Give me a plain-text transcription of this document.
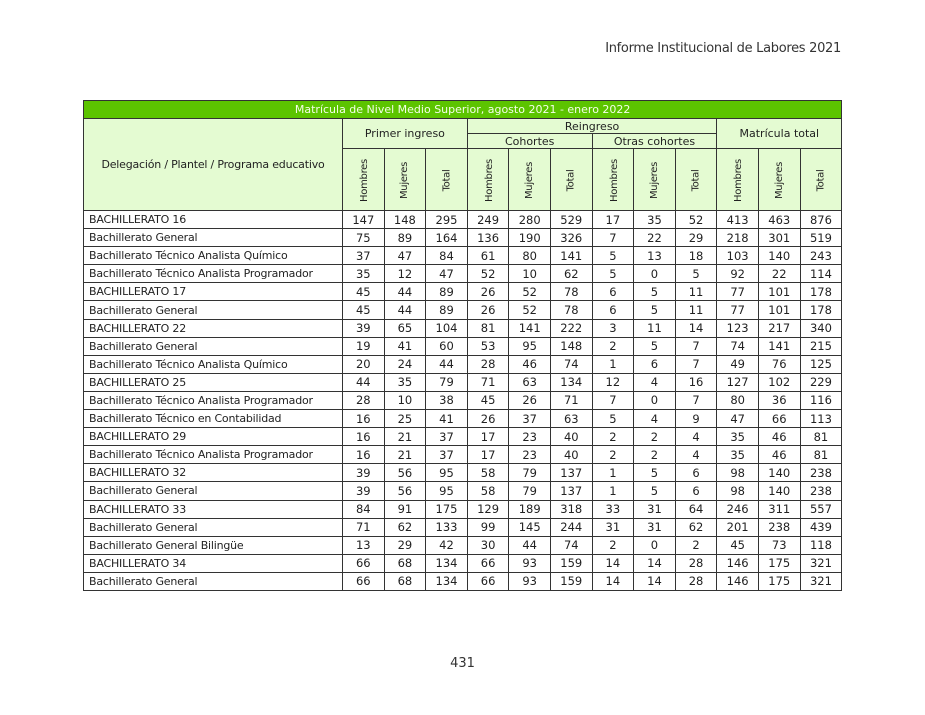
Informe Institucional de Labores 2021
Matrícula de Nivel Medio Superior, agosto 2021 - enero 2022												
Delegación / Plantel / Programa educativo	Primer ingreso			Reingreso						Matrícula total		
				Cohortes			Otras cohortes					
	Hombres	Mujeres	Total	Hombres	Mujeres	Total	Hombres	Mujeres	Total	Hombres	Mujeres	Total
BACHILLERATO 16	147	148	295	249	280	529	17	35	52	413	463	876
Bachillerato General	75	89	164	136	190	326	7	22	29	218	301	519
Bachillerato Técnico Analista Químico	37	47	84	61	80	141	5	13	18	103	140	243
Bachillerato Técnico Analista Programador	35	12	47	52	10	62	5	0	5	92	22	114
BACHILLERATO 17	45	44	89	26	52	78	6	5	11	77	101	178
Bachillerato General	45	44	89	26	52	78	6	5	11	77	101	178
BACHILLERATO 22	39	65	104	81	141	222	3	11	14	123	217	340
Bachillerato General	19	41	60	53	95	148	2	5	7	74	141	215
Bachillerato Técnico Analista Químico	20	24	44	28	46	74	1	6	7	49	76	125
BACHILLERATO 25	44	35	79	71	63	134	12	4	16	127	102	229
Bachillerato Técnico Analista Programador	28	10	38	45	26	71	7	0	7	80	36	116
Bachillerato Técnico en Contabilidad	16	25	41	26	37	63	5	4	9	47	66	113
BACHILLERATO 29	16	21	37	17	23	40	2	2	4	35	46	81
Bachillerato Técnico Analista Programador	16	21	37	17	23	40	2	2	4	35	46	81
BACHILLERATO 32	39	56	95	58	79	137	1	5	6	98	140	238
Bachillerato General	39	56	95	58	79	137	1	5	6	98	140	238
BACHILLERATO 33	84	91	175	129	189	318	33	31	64	246	311	557
Bachillerato General	71	62	133	99	145	244	31	31	62	201	238	439
Bachillerato General Bilingüe	13	29	42	30	44	74	2	0	2	45	73	118
BACHILLERATO 34	66	68	134	66	93	159	14	14	28	146	175	321
Bachillerato General	66	68	134	66	93	159	14	14	28	146	175	321
431
